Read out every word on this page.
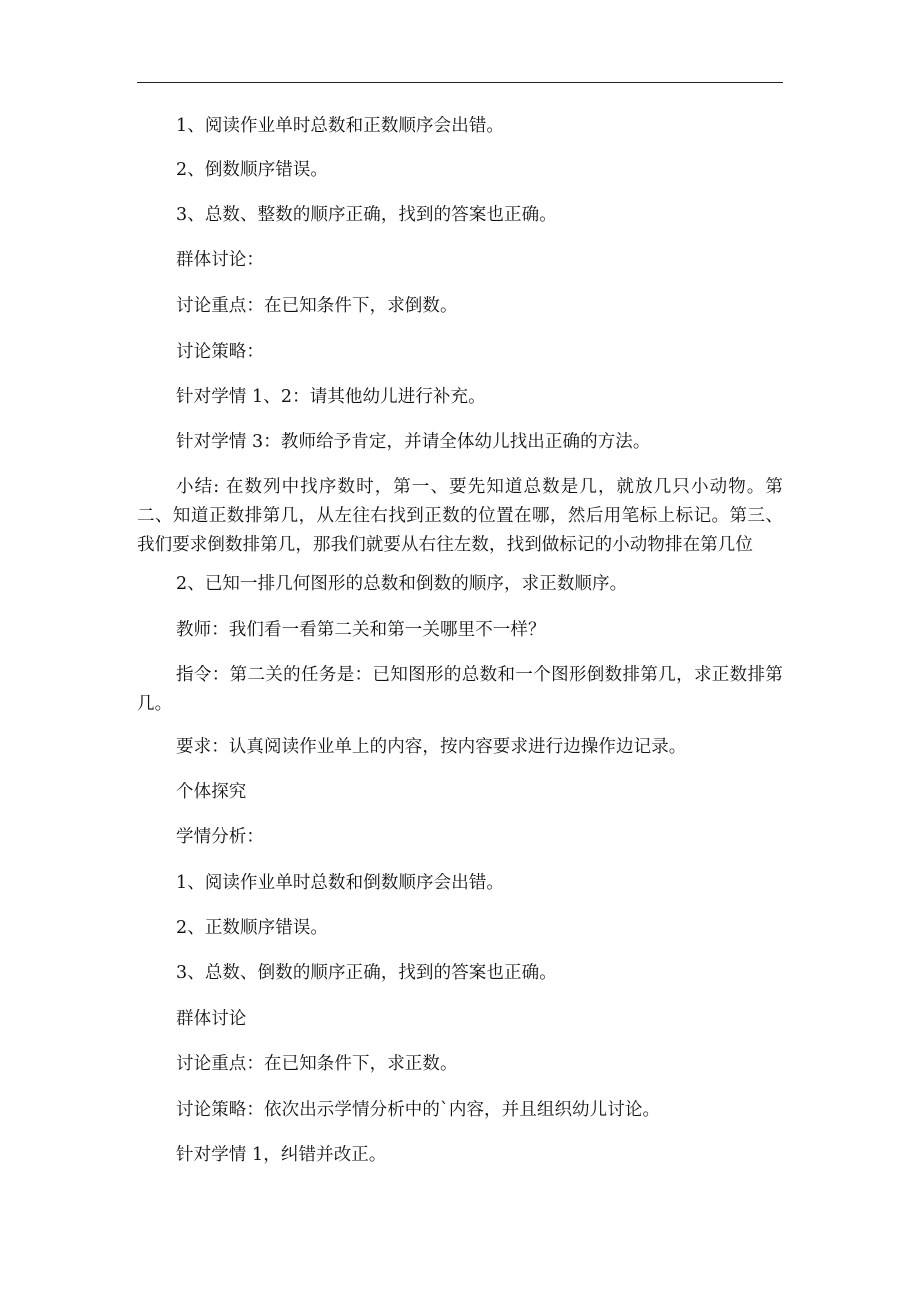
1、阅读作业单时总数和正数顺序会出错。
2、倒数顺序错误。
3、总数、整数的顺序正确，找到的答案也正确。
群体讨论：
讨论重点：在已知条件下，求倒数。
讨论策略：
针对学情 1、2：请其他幼儿进行补充。
针对学情 3：教师给予肯定，并请全体幼儿找出正确的方法。
小结: 在数列中找序数时，第一、要先知道总数是几，就放几只小动物。第二、知道正数排第几，从左往右找到正数的位置在哪，然后用笔标上标记。第三、我们要求倒数排第几，那我们就要从右往左数，找到做标记的小动物排在第几位
2、已知一排几何图形的总数和倒数的顺序，求正数顺序。
教师：我们看一看第二关和第一关哪里不一样？
指令：第二关的任务是：已知图形的总数和一个图形倒数排第几，求正数排第几。
要求：认真阅读作业单上的内容，按内容要求进行边操作边记录。
个体探究
学情分析：
1、阅读作业单时总数和倒数顺序会出错。
2、正数顺序错误。
3、总数、倒数的顺序正确，找到的答案也正确。
群体讨论
讨论重点：在已知条件下，求正数。
讨论策略：依次出示学情分析中的`内容，并且组织幼儿讨论。
针对学情 1，纠错并改正。
